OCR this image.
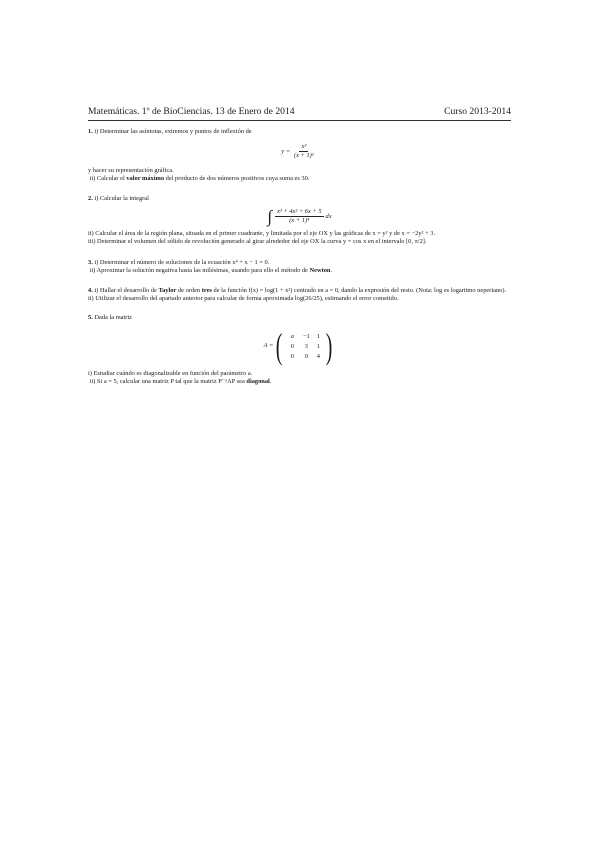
Matemáticas. 1º de BioCiencias. 13 de Enero de 2014	Curso 2013-2014

1. i) Determinar las asíntotas, extremos y puntos de inflexión de

$y = \frac{\text{x³}}{\text{(x + 1)²}}$

y hacer su representación gráfica.

ii) Calcular el valor máximo del producto de dos números positivos cuya suma es 30.

2. i) Calcular la integral

∫ $\frac{\text{x³ + 4x² + 6x + 5}}{\text{(x + 1)⁴}}$ dx

ii) Calcular el área de la región plana, situada en el primer cuadrante, y limitada por el eje OX y las gráficas de x = y² y de x = −2y² + 3.

iii) Determinar el volumen del sólido de revolución generado al girar alrededor del eje OX la curva y = cos x en el intervalo [0, π/2].

3. i) Determinar el número de soluciones de la ecuación x⁴ + x − 1 = 0.

ii) Aproximar la solución negativa hasta las milésimas, usando para ello el método de Newton.

4. i) Hallar el desarrollo de Taylor de orden tres de la función f(x) = log(1 + x²) centrado en a = 0, dando la expresión del resto. (Nota: log es logaritmo neperiano).

ii) Utilizar el desarrollo del apartado anterior para calcular de forma aproximada log(26/25), estimando el error cometido.

5. Dada la matriz

A = (	a	−1	1
0	3	1
0	0	4 )

i) Estudiar cuándo es diagonalizable en función del parámetro a.

ii) Si a = 5, calcular una matriz P tal que la matriz P⁻¹AP sea diagonal.
